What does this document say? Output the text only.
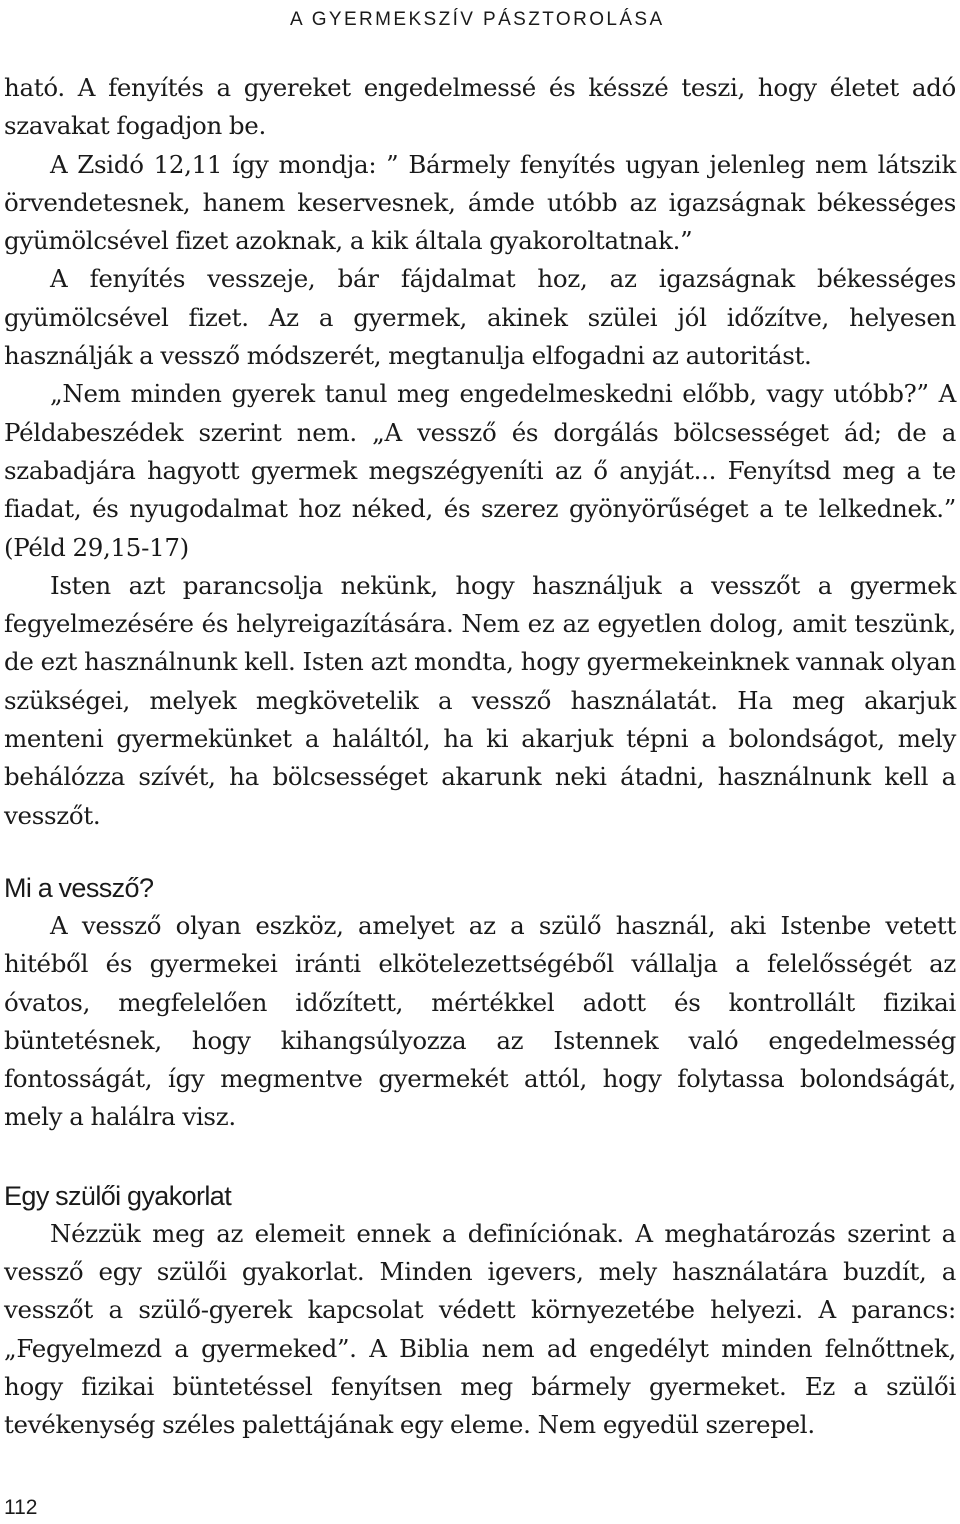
A GYERMEKSZÍV PÁSZTOROLÁSA

ható. A fenyítés a gyereket engedelmessé és késszé teszi, hogy életet adó szavakat fogadjon be.

A Zsidó 12,11 így mondja: ” Bármely fenyítés ugyan jelenleg nem látszik örvendetesnek, hanem keservesnek, ámde utóbb az igazságnak békességes gyümölcsével fizet azoknak, a kik általa gyakoroltatnak.”

A fenyítés vesszeje, bár fájdalmat hoz, az igazságnak békességes gyümölcsével fizet. Az a gyermek, akinek szülei jól időzítve, helyesen használják a vessző módszerét, megtanulja elfogadni az autoritást.

„Nem minden gyerek tanul meg engedelmeskedni előbb, vagy utóbb?” A Példabeszédek szerint nem. „A vessző és dorgálás bölcsességet ád; de a szabadjára hagyott gyermek megszégyeníti az ő anyját... Fenyítsd meg a te fiadat, és nyugodalmat hoz néked, és szerez gyönyörűséget a te lelkednek.” (Péld 29,15-17)

Isten azt parancsolja nekünk, hogy használjuk a vesszőt a gyermek fegyelmezésére és helyreigazítására. Nem ez az egyetlen dolog, amit teszünk, de ezt használnunk kell. Isten azt mondta, hogy gyermekeinknek vannak olyan szükségei, melyek megkövetelik a vessző használatát. Ha meg akarjuk menteni gyermekünket a haláltól, ha ki akarjuk tépni a bolondságot, mely behálózza szívét, ha bölcsességet akarunk neki átadni, használnunk kell a vesszőt.

Mi a vessző?

A vessző olyan eszköz, amelyet az a szülő használ, aki Istenbe vetett hitéből és gyermekei iránti elkötelezettségéből vállalja a felelősségét az óvatos, megfelelően időzített, mértékkel adott és kontrollált fizikai büntetésnek, hogy kihangsúlyozza az Istennek való engedelmesség fontosságát, így megmentve gyermekét attól, hogy folytassa bolondságát, mely a halálra visz.

Egy szülői gyakorlat

Nézzük meg az elemeit ennek a definíciónak. A meghatározás szerint a vessző egy szülői gyakorlat. Minden igevers, mely használatára buzdít, a vesszőt a szülő-gyerek kapcsolat védett környezetébe helyezi. A parancs: „Fegyelmezd a gyermeked”. A Biblia nem ad engedélyt minden felnőttnek, hogy fizikai büntetéssel fenyítsen meg bármely gyermeket. Ez a szülői tevékenység széles palettájának egy eleme. Nem egyedül szerepel.

112
